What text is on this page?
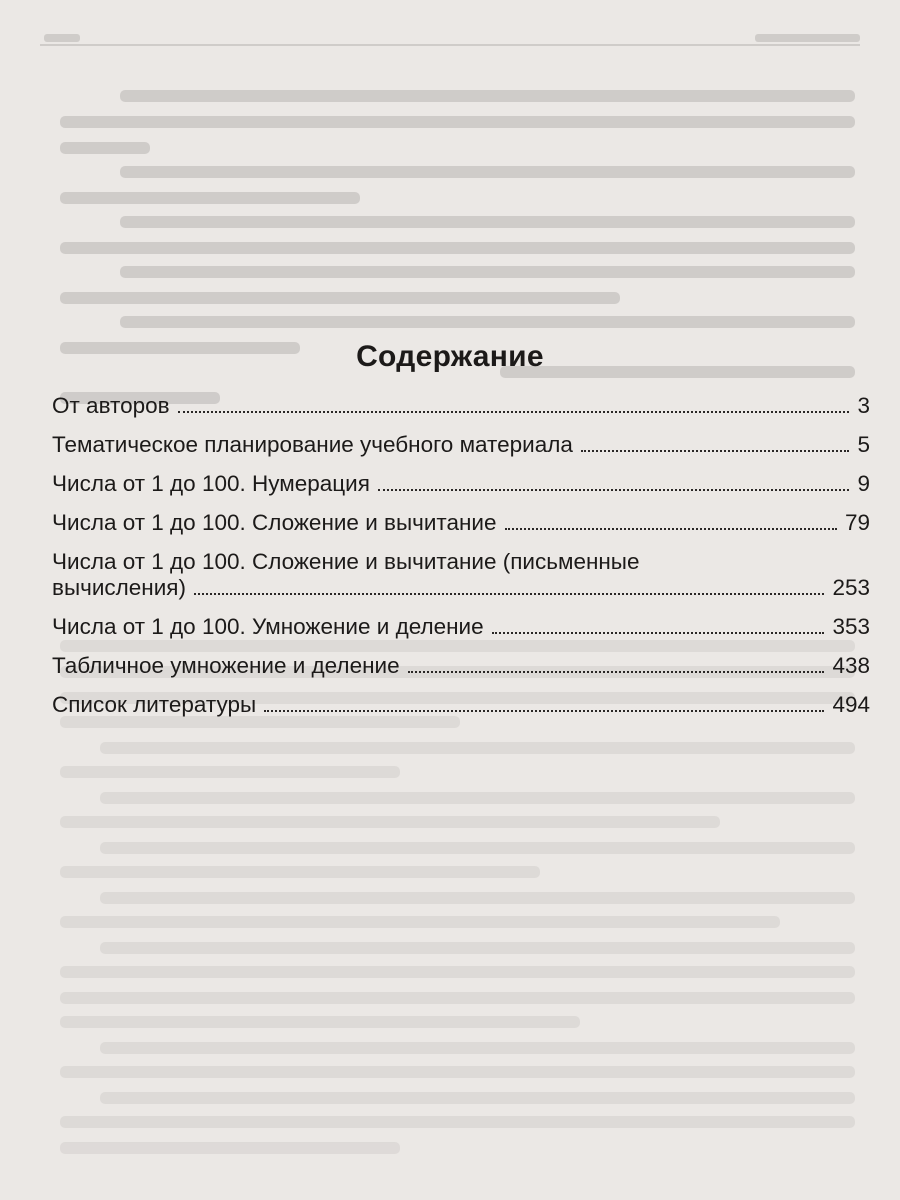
Содержание
От авторов	3
Тематическое планирование учебного материала	5
Числа от 1 до 100. Нумерация	9
Числа от 1 до 100. Сложение и вычитание	79
Числа от 1 до 100. Сложение и вычитание (письменные
вычисления)	253
Числа от 1 до 100. Умножение и деление	353
Табличное умножение и деление	438
Список литературы	494
